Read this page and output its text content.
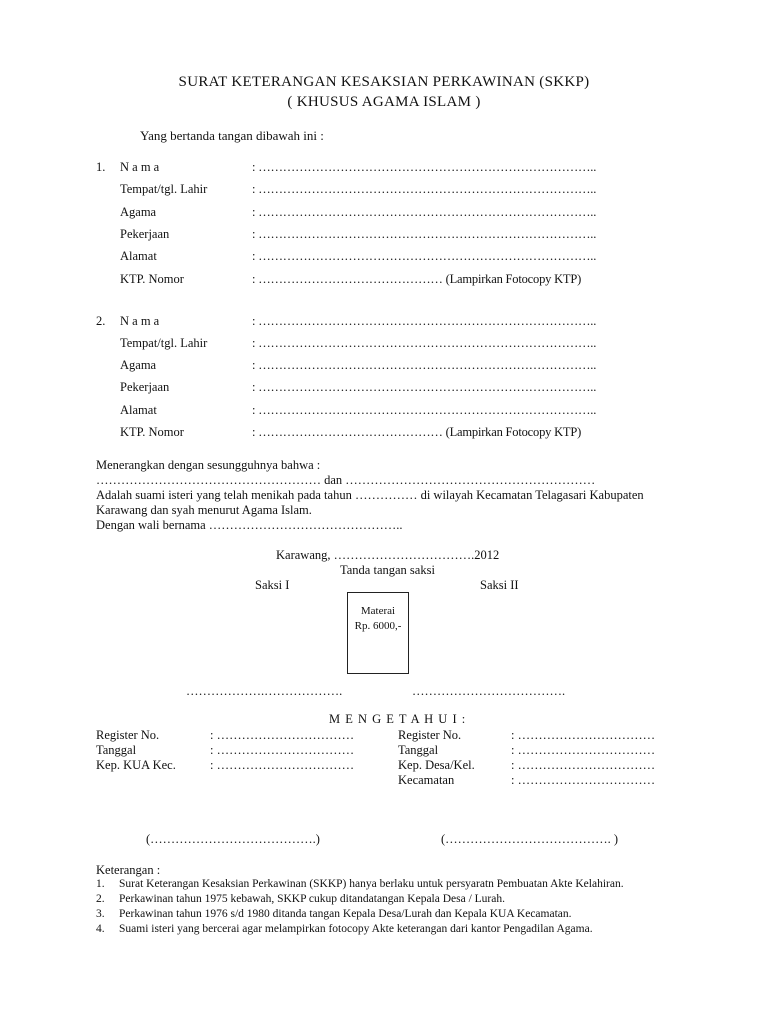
SURAT KETERANGAN KESAKSIAN PERKAWINAN (SKKP)
( KHUSUS AGAMA ISLAM )
Yang bertanda tangan dibawah ini :
1. N a m a	: ………………………………………………………………………..
Tempat/tgl. Lahir	: ………………………………………………………………………..
Agama	: ………………………………………………………………………..
Pekerjaan	: ………………………………………………………………………..
Alamat	: ………………………………………………………………………..
KTP. Nomor	: ……………………………………… (Lampirkan Fotocopy KTP)
2. N a m a	: ………………………………………………………………………..
Tempat/tgl. Lahir	: ………………………………………………………………………..
Agama	: ………………………………………………………………………..
Pekerjaan	: ………………………………………………………………………..
Alamat	: ………………………………………………………………………..
KTP. Nomor	: ……………………………………… (Lampirkan Fotocopy KTP)
Menerangkan dengan sesungguhnya bahwa :
……………………………………………… dan ……………………………………………………
Adalah suami isteri yang telah menikah pada tahun …………… di wilayah Kecamatan Telagasari Kabupaten
Karawang dan syah menurut Agama Islam.
Dengan wali bernama ………………………………………..
Karawang, …………………………….2012
Tanda tangan saksi
Saksi I	Saksi II
Materai
Rp. 6000,-
……………….……………….	……………………………….
M E N G E T A H U I :
Register No.	: ……………………………
Tanggal	: ……………………………
Kep. KUA Kec.	: ……………………………
Register No.	: ……………………………
Tanggal	: ……………………………
Kep. Desa/Kel.	: ……………………………
Kecamatan	: ……………………………
(………………………………….)	(…………………………………. )
Keterangan :
1. Surat Keterangan Kesaksian Perkawinan (SKKP) hanya berlaku untuk persyaratn Pembuatan Akte Kelahiran.
2. Perkawinan tahun 1975 kebawah, SKKP cukup ditandatangan Kepala Desa / Lurah.
3. Perkawinan tahun 1976 s/d 1980 ditanda tangan Kepala Desa/Lurah dan Kepala KUA Kecamatan.
4. Suami isteri yang bercerai agar melampirkan fotocopy Akte keterangan dari kantor Pengadilan Agama.
